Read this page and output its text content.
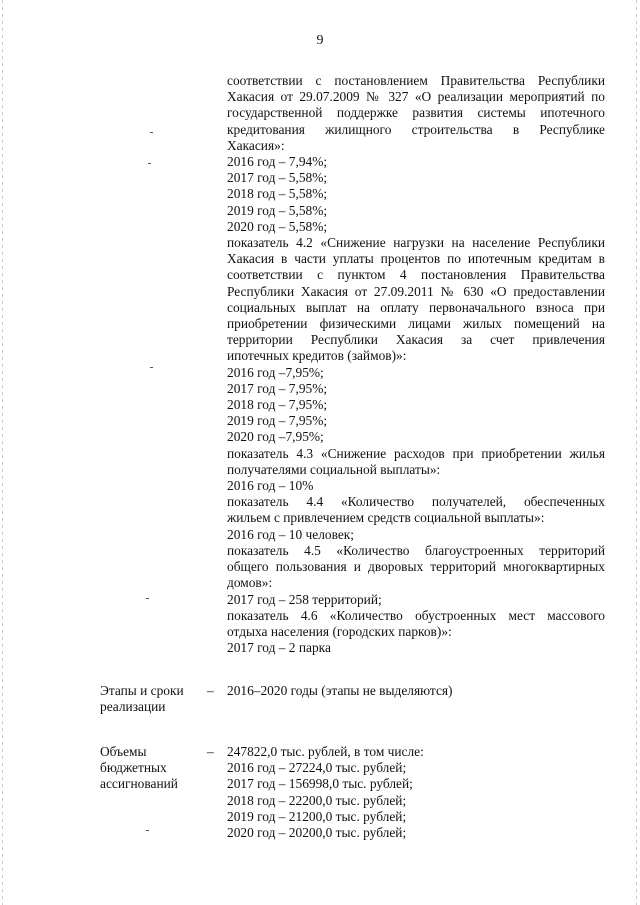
9
соответствии с постановлением Правительства Республики
Хакасия от 29.07.2009 № 327 «О реализации мероприятий по
государственной поддержке развития системы ипотечного
кредитования жилищного строительства в Республике
Хакасия»:
2016 год – 7,94%;
2017 год – 5,58%;
2018 год – 5,58%;
2019 год – 5,58%;
2020 год – 5,58%;
показатель 4.2 «Снижение нагрузки на население Республики
Хакасия в части уплаты процентов по ипотечным кредитам в
соответствии с пунктом 4 постановления Правительства
Республики Хакасия от 27.09.2011 № 630 «О предоставлении
социальных выплат на оплату первоначального взноса при
приобретении физическими лицами жилых помещений на
территории Республики Хакасия за счет привлечения
ипотечных кредитов (займов)»:
2016 год –7,95%;
2017 год – 7,95%;
2018 год – 7,95%;
2019 год – 7,95%;
2020 год –7,95%;
показатель 4.3 «Снижение расходов при приобретении жилья
получателями социальной выплаты»:
2016 год – 10%
показатель 4.4 «Количество получателей, обеспеченных
жильем с привлечением средств социальной выплаты»:
2016 год – 10 человек;
показатель 4.5 «Количество благоустроенных территорий
общего пользования и дворовых территорий многоквартирных
домов»:
2017 год – 258 территорий;
показатель 4.6 «Количество обустроенных мест массового
отдыха населения (городских парков)»:
2017 год – 2 парка
Этапы и сроки
реализации
– 2016–2020 годы (этапы не выделяются)
Объемы
бюджетных
ассигнований
– 247822,0 тыс. рублей, в том числе:
2016 год – 27224,0 тыс. рублей;
2017 год – 156998,0 тыс. рублей;
2018 год – 22200,0 тыс. рублей;
2019 год – 21200,0 тыс. рублей;
2020 год – 20200,0 тыс. рублей;
